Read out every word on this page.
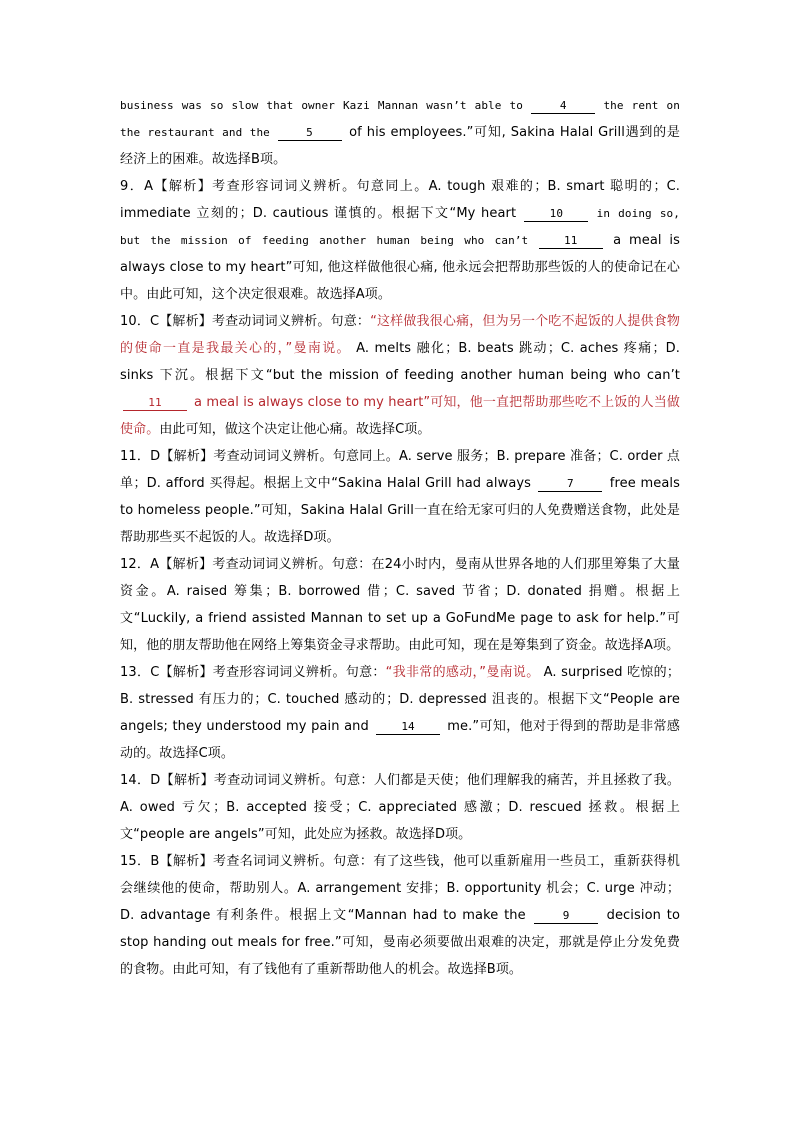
business was so slow that owner Kazi Mannan wasn’t able to	4	the rent on the restaurant and the	5	of his employees.”可知, Sakina Halal Grill遇到的是经济上的困难。故选择B项。

9．A【解析】考查形容词词义辨析。句意同上。A. tough 艰难的；B. smart 聪明的；C. immediate 立刻的；D. cautious 谨慎的。根据下文“My heart	10	in doing so, but the mission of feeding another human being who can’t	11	a meal is always close to my heart”可知, 他这样做他很心痛, 他永远会把帮助那些饭的人的使命记在心中。由此可知，这个决定很艰难。故选择A项。

10．C【解析】考查动词词义辨析。句意：“这样做我很心痛，但为另一个吃不起饭的人提供食物的使命一直是我最关心的，”曼南说。 A. melts 融化；B. beats 跳动；C. aches 疼痛；D. sinks 下沉。根据下文“but the mission of feeding another human being who can’t 11 a meal is always close to my heart”可知，他一直把帮助那些吃不上饭的人当做使命。由此可知，做这个决定让他心痛。故选择C项。

11．D【解析】考查动词词义辨析。句意同上。A. serve 服务；B. prepare 准备；C. order 点单；D. afford 买得起。根据上文中“Sakina Halal Grill had always	7	free meals to homeless people.”可知，Sakina Halal Grill一直在给无家可归的人免费赠送食物，此处是帮助那些买不起饭的人。故选择D项。

12．A【解析】考查动词词义辨析。句意：在24小时内，曼南从世界各地的人们那里筹集了大量资金。A. raised 筹集；B. borrowed 借；C. saved 节省；D. donated 捐赠。根据上文“Luckily, a friend assisted Mannan to set up a GoFundMe page to ask for help.”可知，他的朋友帮助他在网络上筹集资金寻求帮助。由此可知，现在是筹集到了资金。故选择A项。

13．C【解析】考查形容词词义辨析。句意：“我非常的感动，”曼南说。 A. surprised 吃惊的；B. stressed 有压力的；C. touched 感动的；D. depressed 沮丧的。根据下文“People are angels; they understood my pain and	14 me.”可知，他对于得到的帮助是非常感动的。故选择C项。

14．D【解析】考查动词词义辨析。句意：人们都是天使；他们理解我的痛苦，并且拯救了我。A. owed 亏欠；B. accepted 接受；C. appreciated 感激；D. rescued 拯救。根据上文“people are angels”可知，此处应为拯救。故选择D项。

15．B【解析】考查名词词义辨析。句意：有了这些钱，他可以重新雇用一些员工，重新获得机会继续他的使命，帮助别人。A. arrangement 安排；B. opportunity 机会；C. urge 冲动；D. advantage 有利条件。根据上文“Mannan had to make the	9	decision to stop handing out meals for free.”可知，曼南必须要做出艰难的决定，那就是停止分发免费的食物。由此可知，有了钱他有了重新帮助他人的机会。故选择B项。
